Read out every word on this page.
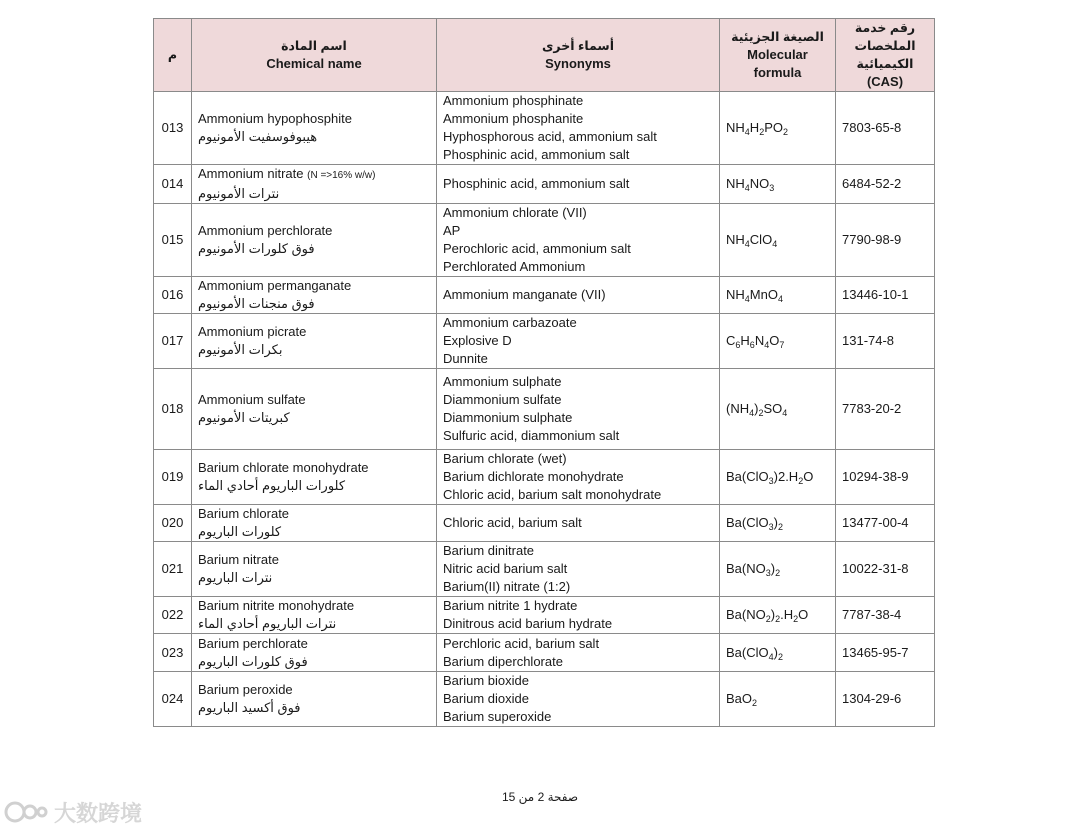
م	اسم المادة
Chemical name	أسماء أخرى
Synonyms	الصيغة الجزيئية
Molecular
formula	رقم خدمة
الملخصات
الكيميائية
(CAS)

013	Ammonium hypophosphite
هيبوفوسفيت الأمونيوم	Ammonium phosphinate
Ammonium phosphanite
Hyphosphorous acid, ammonium salt
Phosphinic acid, ammonium salt	$NH_4H_2PO_2$	7803-65-8
014	Ammonium nitrate (N =>16% w/w)
نترات الأمونيوم	Phosphinic acid, ammonium salt	$NH_4NO_3$	6484-52-2
015	Ammonium perchlorate
فوق كلورات الأمونيوم	Ammonium chlorate (VII)
AP
Perochloric acid, ammonium salt
Perchlorated Ammonium	$NH_4ClO_4$	7790-98-9
016	Ammonium permanganate
فوق منجنات الأمونيوم	Ammonium manganate (VII)	$NH_4MnO_4$	13446-10-1
017	Ammonium picrate
بكرات الأمونيوم	Ammonium carbazoate
Explosive D
Dunnite	$C_6H_6N_4O_7$	131-74-8
018	Ammonium sulfate
كبريتات الأمونيوم	Ammonium sulphate
Diammonium sulfate
Diammonium sulphate
Sulfuric acid, diammonium salt	$(NH_4)_2SO_4$	7783-20-2
019	Barium chlorate monohydrate
كلورات الباريوم أحادي الماء	Barium chlorate (wet)
Barium dichlorate monohydrate
Chloric acid, barium salt monohydrate	$Ba(ClO_3)2.H_2O$	10294-38-9
020	Barium chlorate
كلورات الباريوم	Chloric acid, barium salt	$Ba(ClO_3)_2$	13477-00-4
021	Barium nitrate
نترات الباريوم	Barium dinitrate
Nitric acid barium salt
Barium(II) nitrate (1:2)	$Ba(NO_3)_2$	10022-31-8
022	Barium nitrite monohydrate
نترات الباريوم أحادي الماء	Barium nitrite 1 hydrate
Dinitrous acid barium hydrate	$Ba(NO_2)_2.H_2O$	7787-38-4
023	Barium perchlorate
فوق كلورات الباريوم	Perchloric acid, barium salt
Barium diperchlorate	$Ba(ClO_4)_2$	13465-95-7
024	Barium peroxide
فوق أكسيد الباريوم	Barium bioxide
Barium dioxide
Barium superoxide	BaO$_2$	1304-29-6
صفحة 2 من 15
大数跨境
